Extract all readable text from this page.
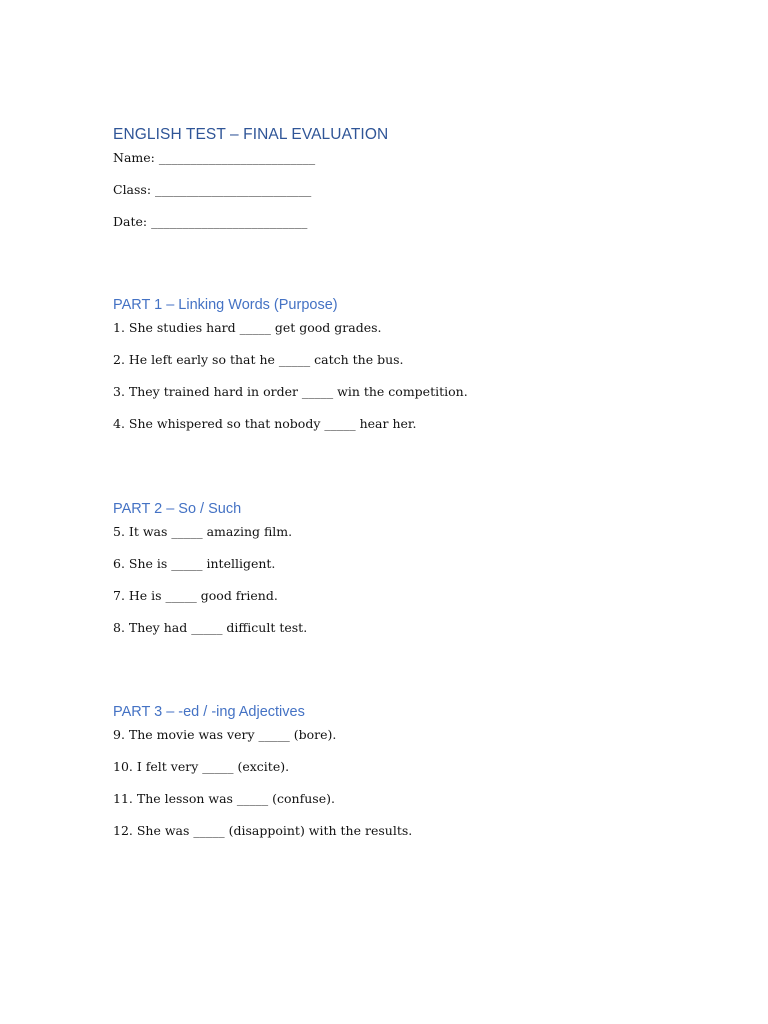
ENGLISH TEST – FINAL EVALUATION

Name: _________________________

Class: _________________________

Date: _________________________

PART 1 – Linking Words (Purpose)

1. She studies hard _____ get good grades.

2. He left early so that he _____ catch the bus.

3. They trained hard in order _____ win the competition.

4. She whispered so that nobody _____ hear her.

PART 2 – So / Such

5. It was _____ amazing film.

6. She is _____ intelligent.

7. He is _____ good friend.

8. They had _____ difficult test.

PART 3 – -ed / -ing Adjectives

9. The movie was very _____ (bore).

10. I felt very _____ (excite).

11. The lesson was _____ (confuse).

12. She was _____ (disappoint) with the results.
